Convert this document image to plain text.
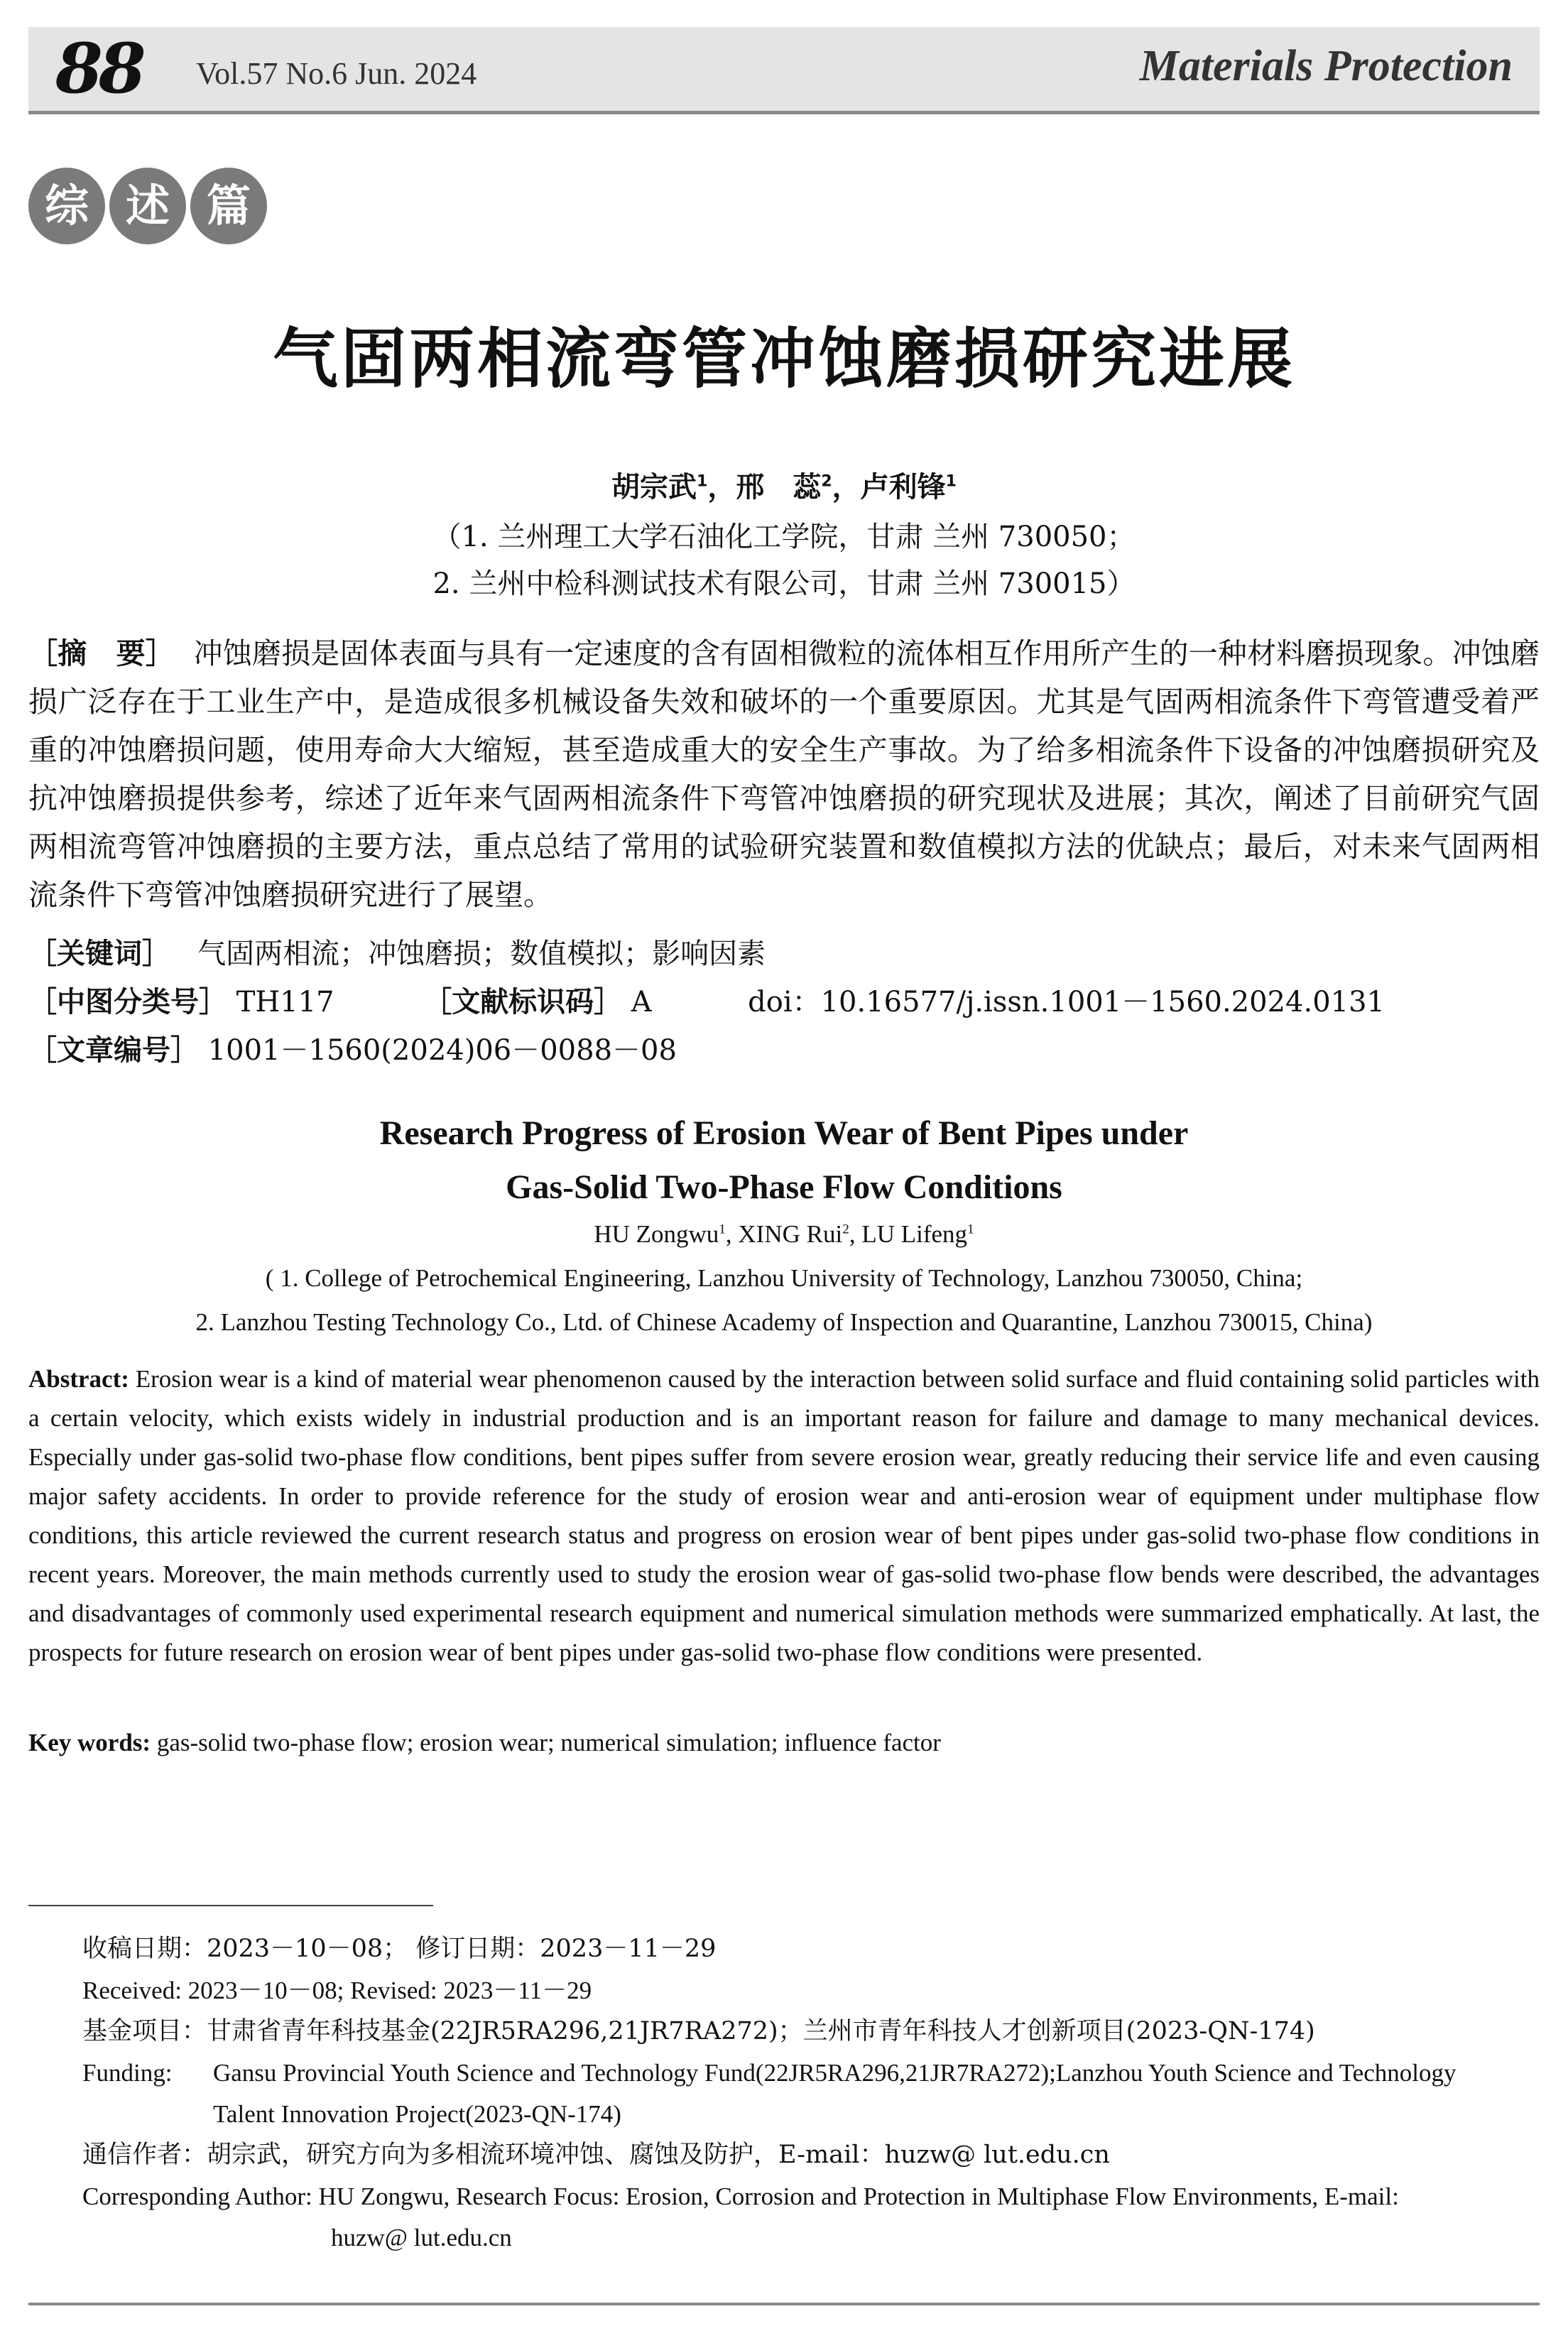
88 Vol.57 No.6 Jun. 2024	Materials Protection
综 述 篇
气固两相流弯管冲蚀磨损研究进展
胡宗武$^1$，邢　蕊$^2$，卢利锋$^1$
（1. 兰州理工大学石油化工学院，甘肃 兰州 730050；
2. 兰州中检科测试技术有限公司，甘肃 兰州 730015）
［摘　要］ 冲蚀磨损是固体表面与具有一定速度的含有固相微粒的流体相互作用所产生的一种材料磨损现象。冲蚀磨损广泛存在于工业生产中，是造成很多机械设备失效和破坏的一个重要原因。尤其是气固两相流条件下弯管遭受着严重的冲蚀磨损问题，使用寿命大大缩短，甚至造成重大的安全生产事故。为了给多相流条件下设备的冲蚀磨损研究及抗冲蚀磨损提供参考，综述了近年来气固两相流条件下弯管冲蚀磨损的研究现状及进展；其次，阐述了目前研究气固两相流弯管冲蚀磨损的主要方法，重点总结了常用的试验研究装置和数值模拟方法的优缺点；最后，对未来气固两相流条件下弯管冲蚀磨损研究进行了展望。
［关键词］ 气固两相流；冲蚀磨损；数值模拟；影响因素
［中图分类号］ TH117	［文献标识码］ A	doi：10.16577/j.issn.1001－1560.2024.0131
［文章编号］ 1001－1560(2024)06－0088－08
Research Progress of Erosion Wear of Bent Pipes under
Gas-Solid Two-Phase Flow Conditions
HU Zongwu$^1$, XING Rui$^2$, LU Lifeng$^1$
( 1. College of Petrochemical Engineering, Lanzhou University of Technology, Lanzhou 730050, China;
2. Lanzhou Testing Technology Co., Ltd. of Chinese Academy of Inspection and Quarantine, Lanzhou 730015, China)
Abstract: Erosion wear is a kind of material wear phenomenon caused by the interaction between solid surface and fluid containing solid particles with a certain velocity, which exists widely in industrial production and is an important reason for failure and damage to many mechanical devices. Especially under gas-solid two-phase flow conditions, bent pipes suffer from severe erosion wear, greatly reducing their service life and even causing major safety accidents. In order to provide reference for the study of erosion wear and anti-erosion wear of equipment under multiphase flow conditions, this article reviewed the current research status and progress on erosion wear of bent pipes under gas-solid two-phase flow conditions in recent years. Moreover, the main methods currently used to study the erosion wear of gas-solid two-phase flow bends were described, the advantages and disadvantages of commonly used experimental research equipment and numerical simulation methods were summarized emphatically. At last, the prospects for future research on erosion wear of bent pipes under gas-solid two-phase flow conditions were presented.
Key words: gas-solid two-phase flow; erosion wear; numerical simulation; influence factor
收稿日期：2023－10－08； 修订日期：2023－11－29
Received: 2023－10－08; Revised: 2023－11－29
基金项目：甘肃省青年科技基金(22JR5RA296,21JR7RA272)；兰州市青年科技人才创新项目(2023-QN-174)
Funding: Gansu Provincial Youth Science and Technology Fund(22JR5RA296,21JR7RA272);Lanzhou Youth Science and Technology
Talent Innovation Project(2023-QN-174)
通信作者：胡宗武，研究方向为多相流环境冲蚀、腐蚀及防护，E-mail：huzw@ lut.edu.cn
Corresponding Author: HU Zongwu, Research Focus: Erosion, Corrosion and Protection in Multiphase Flow Environments, E-mail:
huzw@ lut.edu.cn
